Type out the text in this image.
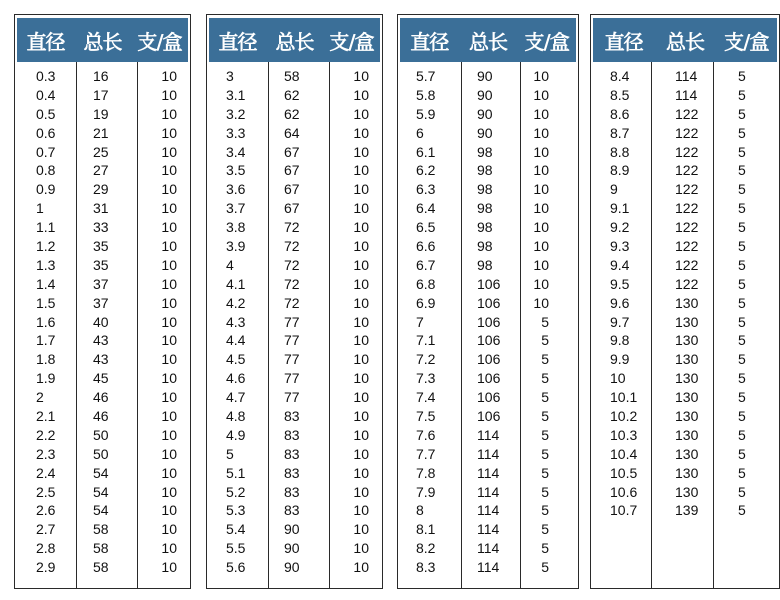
直径 总长 支/盒
0.3	16	10
0.4	17	10
0.5	19	10
0.6	21	10
0.7	25	10
0.8	27	10
0.9	29	10
1	31	10
1.1	33	10
1.2	35	10
1.3	35	10
1.4	37	10
1.5	37	10
1.6	40	10
1.7	43	10
1.8	43	10
1.9	45	10
2	46	10
2.1	46	10
2.2	50	10
2.3	50	10
2.4	54	10
2.5	54	10
2.6	54	10
2.7	58	10
2.8	58	10
2.9	58	10
直径 总长 支/盒
3	58	10
3.1	62	10
3.2	62	10
3.3	64	10
3.4	67	10
3.5	67	10
3.6	67	10
3.7	67	10
3.8	72	10
3.9	72	10
4	72	10
4.1	72	10
4.2	72	10
4.3	77	10
4.4	77	10
4.5	77	10
4.6	77	10
4.7	77	10
4.8	83	10
4.9	83	10
5	83	10
5.1	83	10
5.2	83	10
5.3	83	10
5.4	90	10
5.5	90	10
5.6	90	10
直径	总长 支/盒
5.7	90	10
5.8	90	10
5.9	90	10
6	90	10
6.1	98	10
6.2	98	10
6.3	98	10
6.4	98	10
6.5	98	10
6.6	98	10
6.7	98	10
6.8	106 10
6.9	106 10
7	106	5
7.1	106	5
7.2	106	5
7.3	106	5
7.4	106	5
7.5	106	5
7.6	114	5
7.7	114	5
7.8	114	5
7.9	114	5
8	114	5
8.1	114	5
8.2	114	5
8.3	114	5
直径	总长	支/盒
8.4	114	5
8.5	114	5
8.6	122	5
8.7	122	5
8.8	122	5
8.9	122	5
9	122	5
9.1	122	5
9.2	122	5
9.3	122	5
9.4	122	5
9.5	122	5
9.6	130	5
9.7	130	5
9.8	130	5
9.9	130	5
10	130	5
10.1	130	5
10.2	130	5
10.3	130	5
10.4	130	5
10.5	130	5
10.6	130	5
10.7	139	5
